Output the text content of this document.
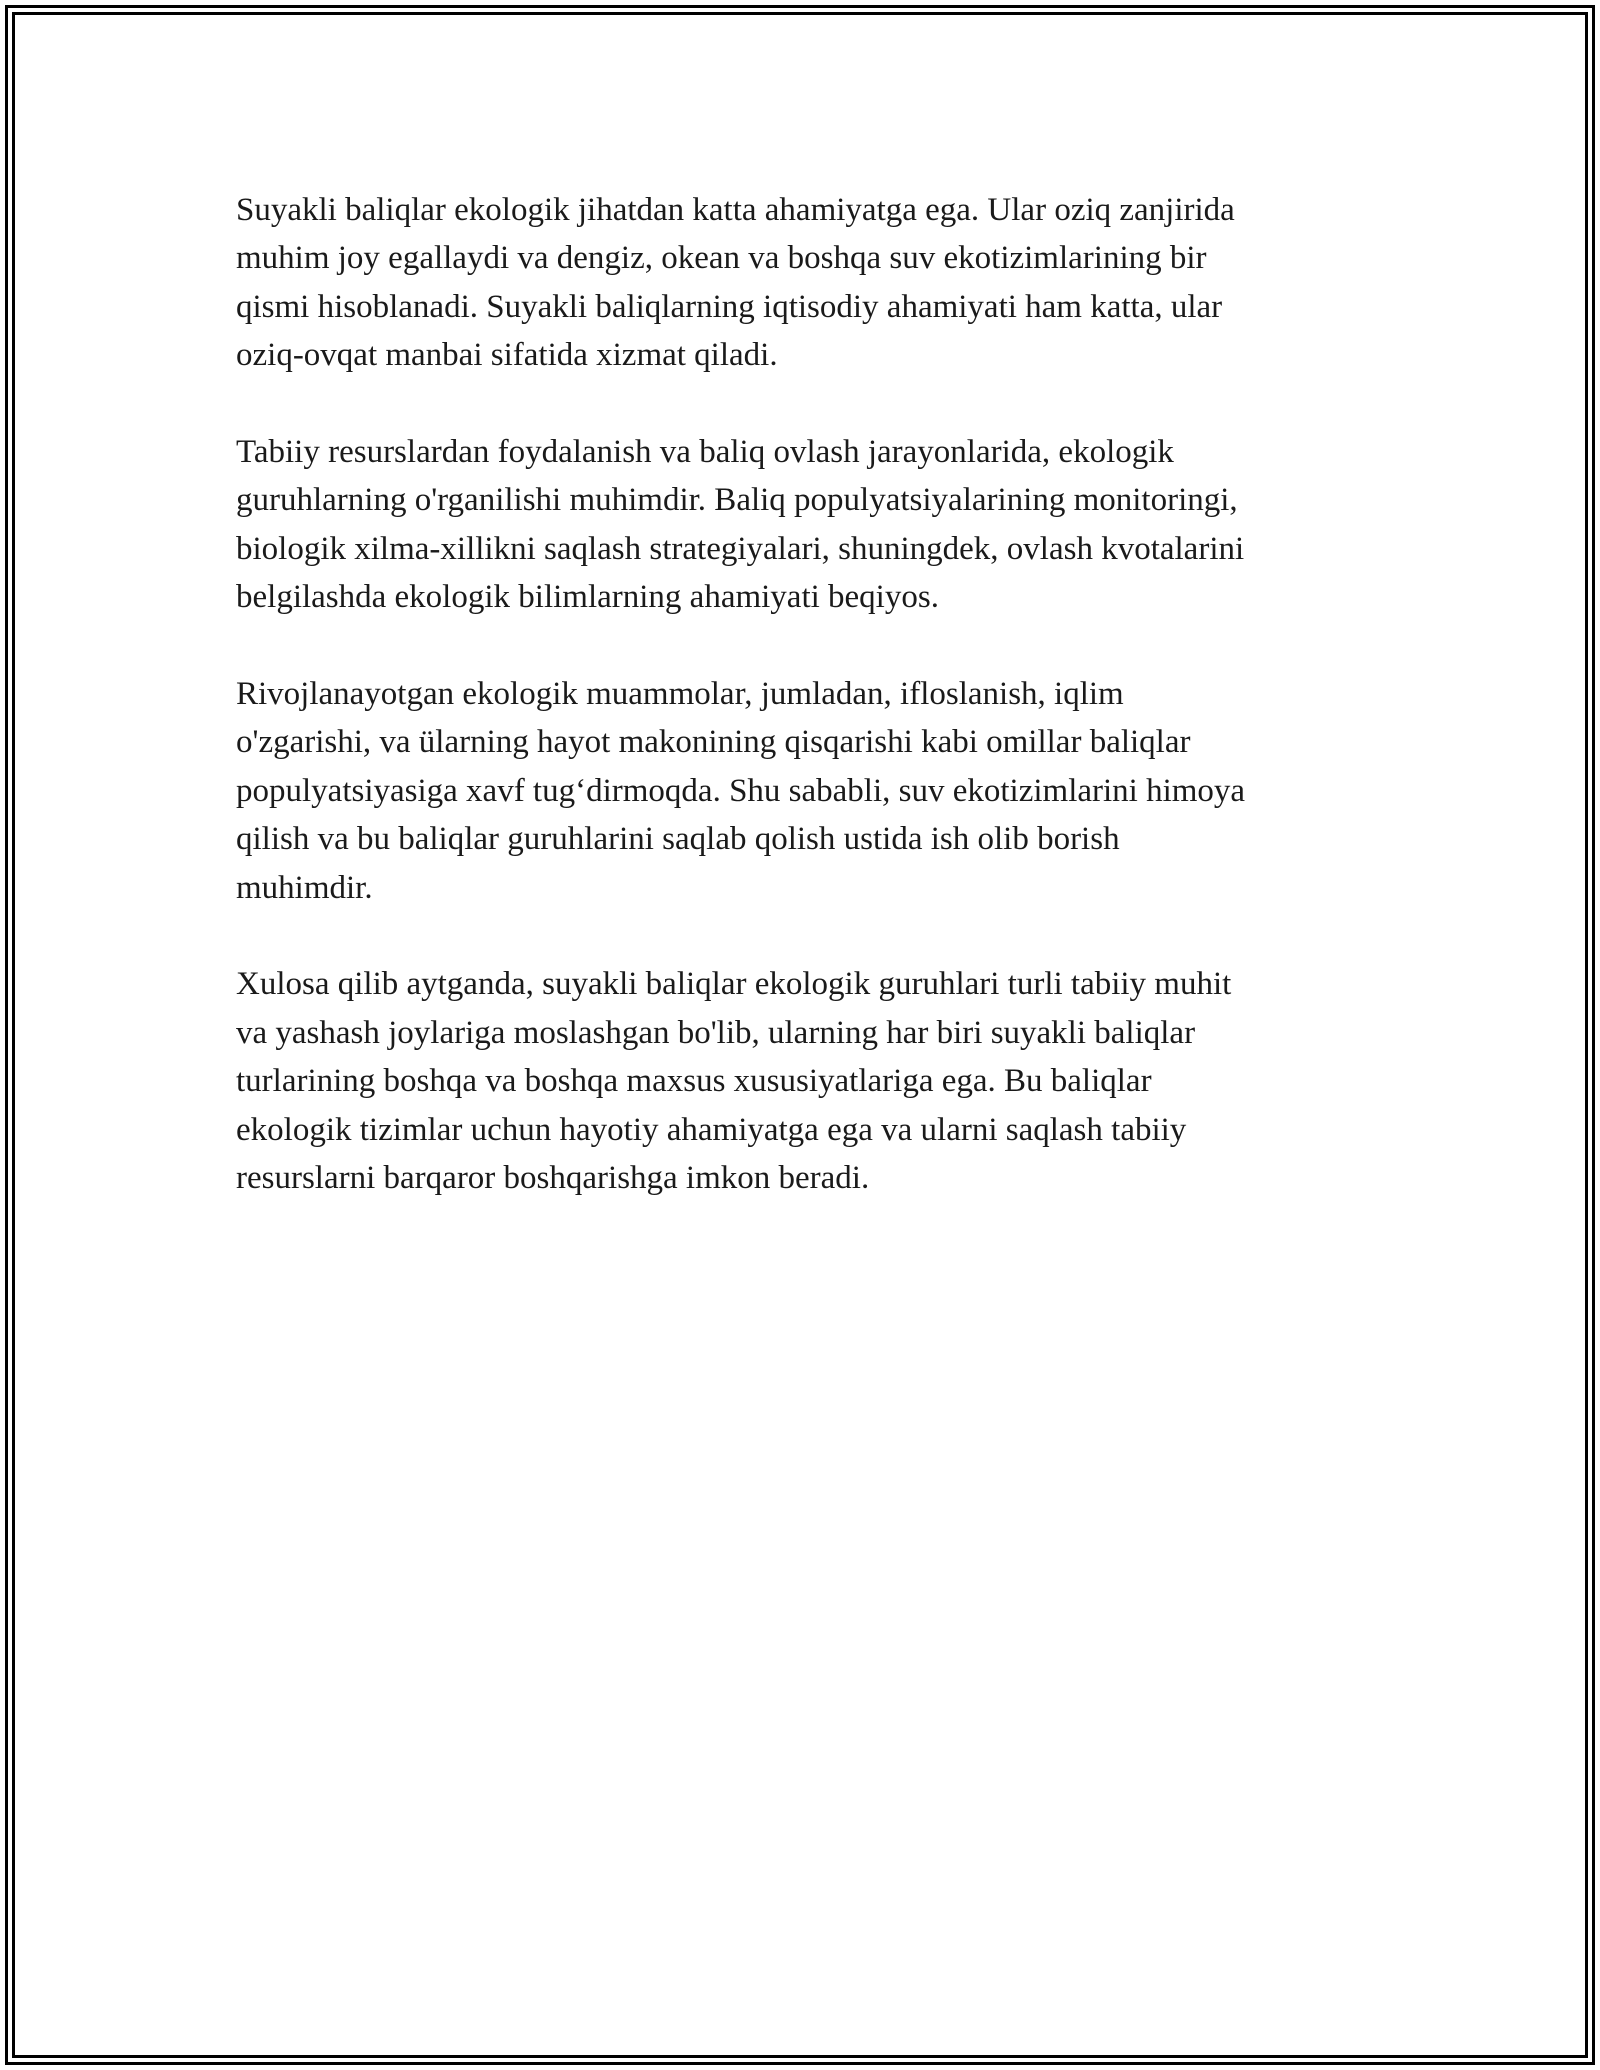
Suyakli baliqlar ekologik jihatdan katta ahamiyatga ega. Ular oziq zanjirida
muhim joy egallaydi va dengiz, okean va boshqa suv ekotizimlarining bir
qismi hisoblanadi. Suyakli baliqlarning iqtisodiy ahamiyati ham katta, ular
oziq-ovqat manbai sifatida xizmat qiladi.

Tabiiy resurslardan foydalanish va baliq ovlash jarayonlarida, ekologik
guruhlarning o'rganilishi muhimdir. Baliq populyatsiyalarining monitoringi,
biologik xilma-xillikni saqlash strategiyalari, shuningdek, ovlash kvotalarini
belgilashda ekologik bilimlarning ahamiyati beqiyos.

Rivojlanayotgan ekologik muammolar, jumladan, ifloslanish, iqlim
o'zgarishi, va ülarning hayot makonining qisqarishi kabi omillar baliqlar
populyatsiyasiga xavf tug‘dirmoqda. Shu sababli, suv ekotizimlarini himoya
qilish va bu baliqlar guruhlarini saqlab qolish ustida ish olib borish
muhimdir.

Xulosa qilib aytganda, suyakli baliqlar ekologik guruhlari turli tabiiy muhit
va yashash joylariga moslashgan bo'lib, ularning har biri suyakli baliqlar
turlarining boshqa va boshqa maxsus xususiyatlariga ega. Bu baliqlar
ekologik tizimlar uchun hayotiy ahamiyatga ega va ularni saqlash tabiiy
resurslarni barqaror boshqarishga imkon beradi.
